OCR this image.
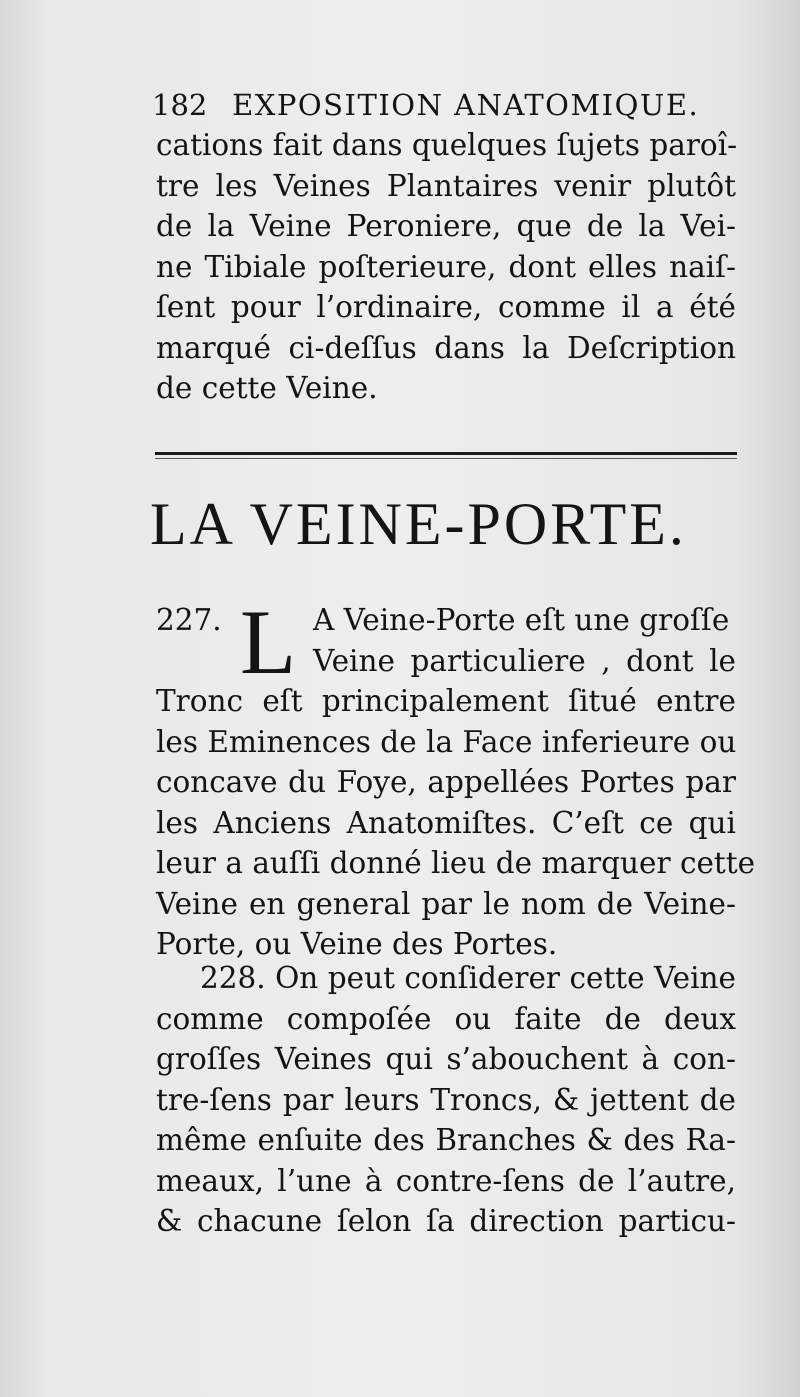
182 EXPOSITION ANATOMIQUE.
cations fait dans quelques ſujets paroî-
tre les Veines Plantaires venir plutôt
de la Veine Peroniere, que de la Vei-
ne Tibiale poſterieure, dont elles naiſ-
ſent pour l’ordinaire, comme il a été
marqué ci-deſſus dans la Deſcription
de cette Veine.
LA VEINE-PORTE.
L
227.	A Veine-Porte eſt une groſſe
Veine particuliere , dont le
Tronc eſt principalement ſitué entre
les Eminences de la Face inferieure ou
concave du Foye, appellées Portes par
les Anciens Anatomiſtes. C’eſt ce qui
leur a auſſi donné lieu de marquer cette
Veine en general par le nom de Veine-
Porte, ou Veine des Portes.
228. On peut conſiderer cette Veine
comme compoſée ou faite de deux
groſſes Veines qui s’abouchent à con-
tre-ſens par leurs Troncs, & jettent de
même enſuite des Branches & des Ra-
meaux, l’une à contre-ſens de l’autre,
& chacune ſelon ſa direction particu-
